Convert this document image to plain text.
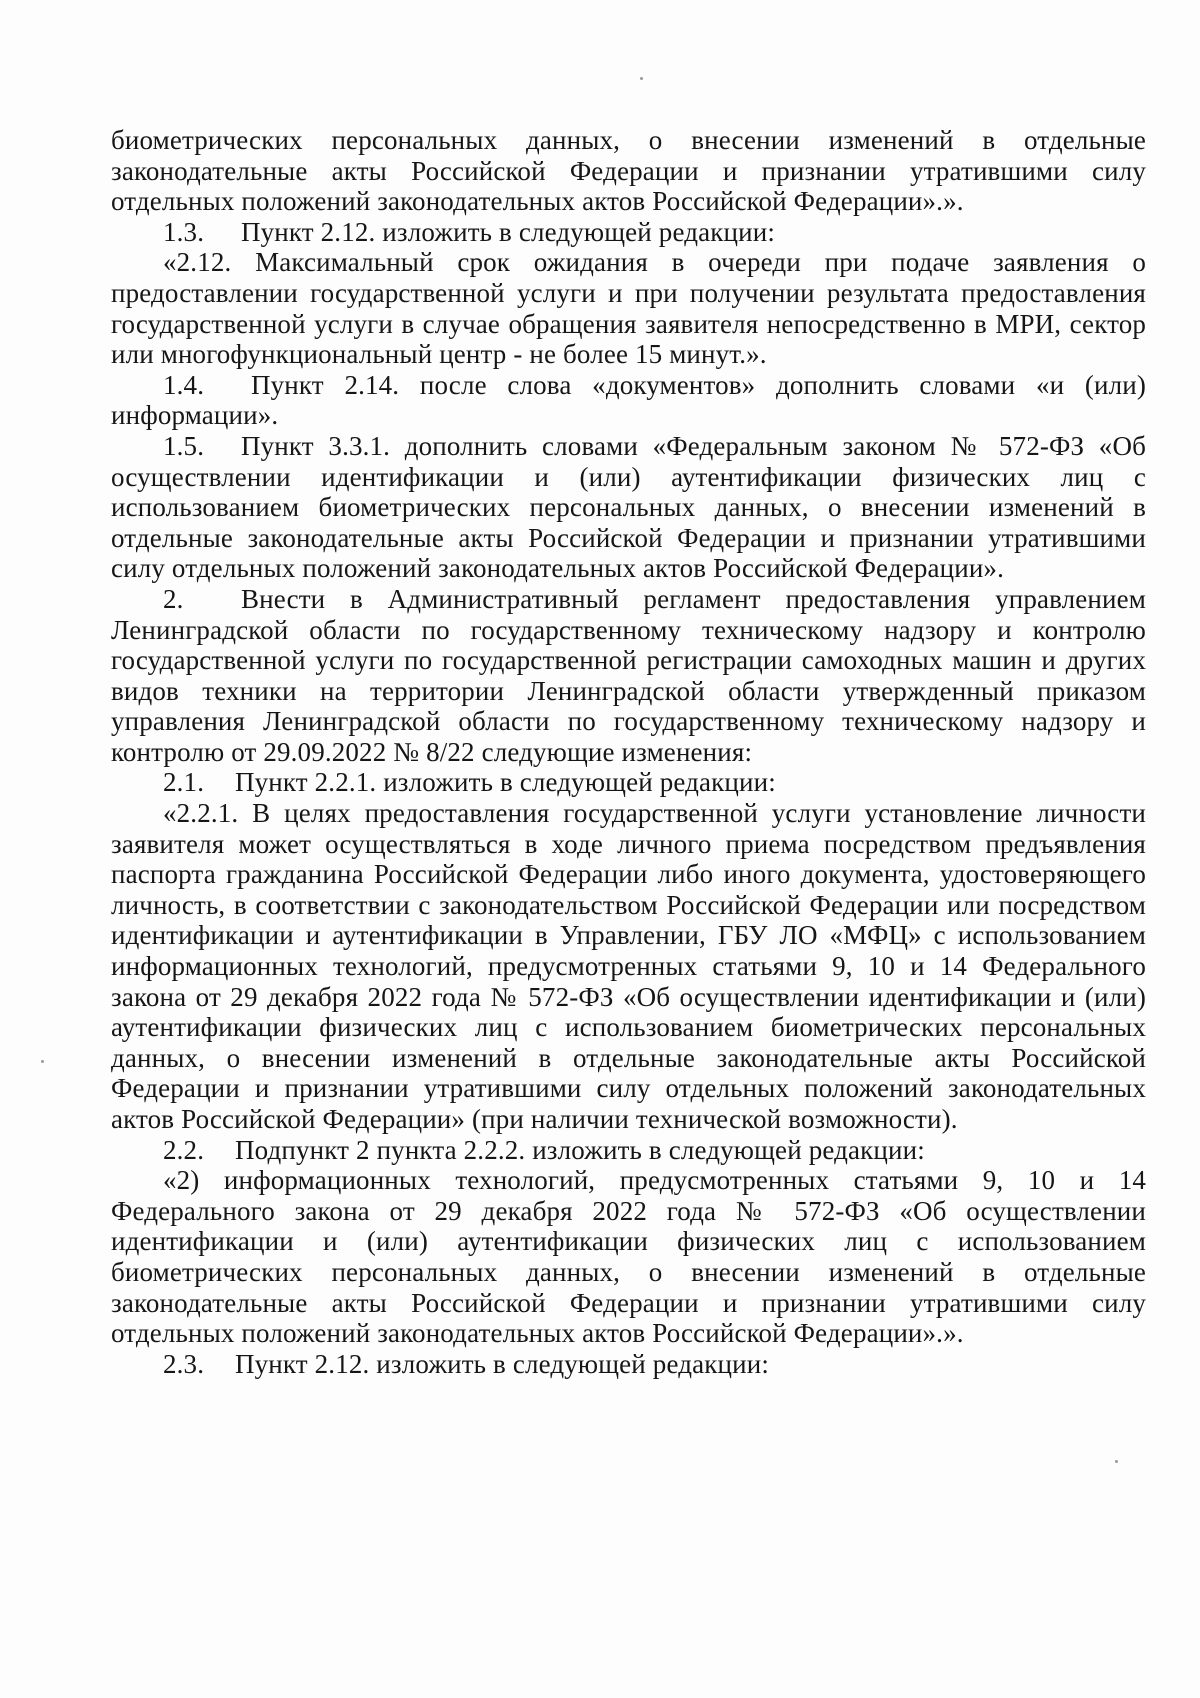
биометрических персональных данных, о внесении изменений в отдельные законодательные акты Российской Федерации и признании утратившими силу отдельных положений законодательных актов Российской Федерации».».

1.3. Пункт 2.12. изложить в следующей редакции:

«2.12. Максимальный срок ожидания в очереди при подаче заявления о предоставлении государственной услуги и при получении результата предоставления государственной услуги в случае обращения заявителя непосредственно в МРИ, сектор или многофункциональный центр - не более 15 минут.».

1.4. Пункт 2.14. после слова «документов» дополнить словами «и (или) информации».

1.5. Пункт 3.3.1. дополнить словами «Федеральным законом № 572-ФЗ «Об осуществлении идентификации и (или) аутентификации физических лиц с использованием биометрических персональных данных, о внесении изменений в отдельные законодательные акты Российской Федерации и признании утратившими силу отдельных положений законодательных актов Российской Федерации».

2. Внести в Административный регламент предоставления управлением Ленинградской области по государственному техническому надзору и контролю государственной услуги по государственной регистрации самоходных машин и других видов техники на территории Ленинградской области утвержденный приказом управления Ленинградской области по государственному техническому надзору и контролю от 29.09.2022 № 8/22 следующие изменения:

2.1. Пункт 2.2.1. изложить в следующей редакции:

«2.2.1. В целях предоставления государственной услуги установление личности заявителя может осуществляться в ходе личного приема посредством предъявления паспорта гражданина Российской Федерации либо иного документа, удостоверяющего личность, в соответствии с законодательством Российской Федерации или посредством идентификации и аутентификации в Управлении, ГБУ ЛО «МФЦ» с использованием информационных технологий, предусмотренных статьями 9, 10 и 14 Федерального закона от 29 декабря 2022 года № 572-ФЗ «Об осуществлении идентификации и (или) аутентификации физических лиц с использованием биометрических персональных данных, о внесении изменений в отдельные законодательные акты Российской Федерации и признании утратившими силу отдельных положений законодательных актов Российской Федерации» (при наличии технической возможности).

2.2. Подпункт 2 пункта 2.2.2. изложить в следующей редакции:

«2) информационных технологий, предусмотренных статьями 9, 10 и 14 Федерального закона от 29 декабря 2022 года № 572-ФЗ «Об осуществлении идентификации и (или) аутентификации физических лиц с использованием биометрических персональных данных, о внесении изменений в отдельные законодательные акты Российской Федерации и признании утратившими силу отдельных положений законодательных актов Российской Федерации».».

2.3. Пункт 2.12. изложить в следующей редакции:
